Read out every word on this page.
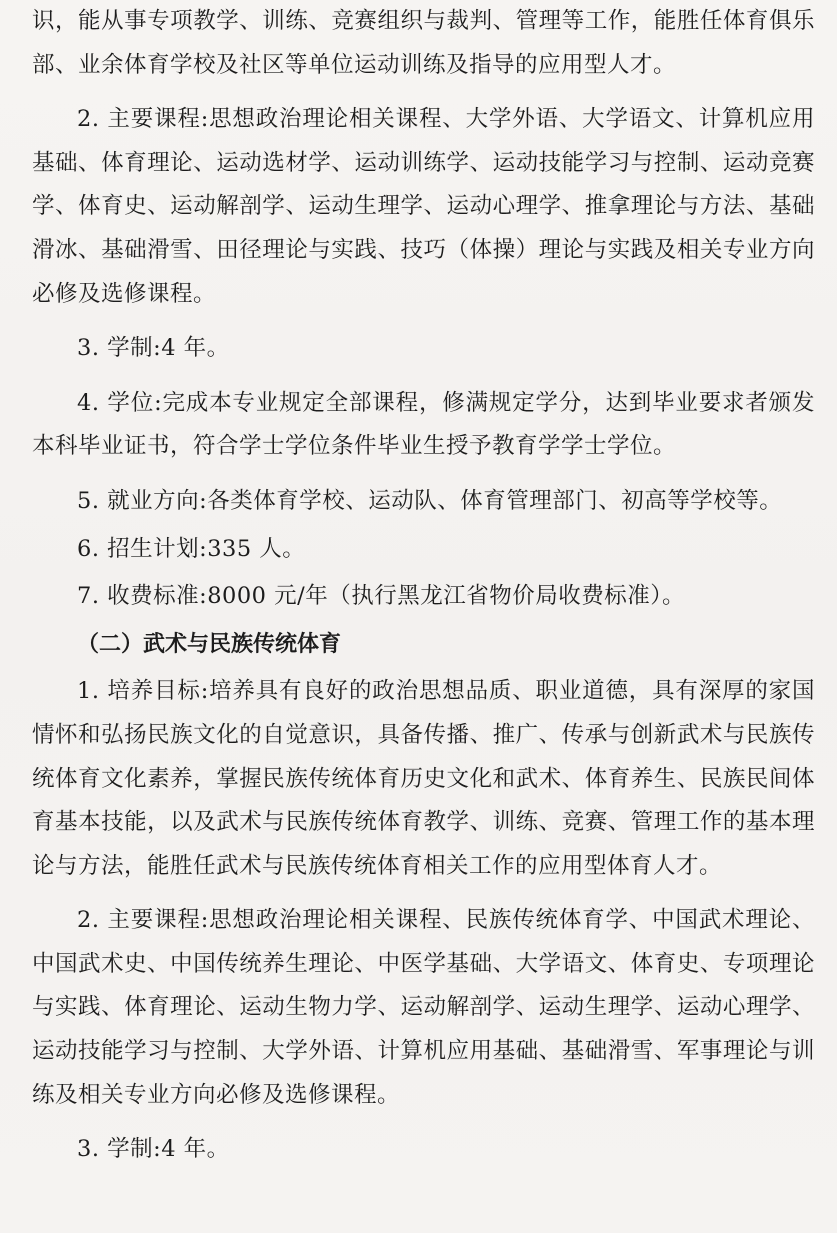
识，能从事专项教学、训练、竞赛组织与裁判、管理等工作，能胜任体育俱乐部、业余体育学校及社区等单位运动训练及指导的应用型人才。

2. 主要课程:思想政治理论相关课程、大学外语、大学语文、计算机应用基础、体育理论、运动选材学、运动训练学、运动技能学习与控制、运动竞赛学、体育史、运动解剖学、运动生理学、运动心理学、推拿理论与方法、基础滑冰、基础滑雪、田径理论与实践、技巧（体操）理论与实践及相关专业方向必修及选修课程。

3. 学制:4 年。

4. 学位:完成本专业规定全部课程，修满规定学分，达到毕业要求者颁发本科毕业证书，符合学士学位条件毕业生授予教育学学士学位。

5. 就业方向:各类体育学校、运动队、体育管理部门、初高等学校等。

6. 招生计划:335 人。

7. 收费标准:8000 元/年（执行黑龙江省物价局收费标准）。

（二）武术与民族传统体育

1. 培养目标:培养具有良好的政治思想品质、职业道德，具有深厚的家国情怀和弘扬民族文化的自觉意识，具备传播、推广、传承与创新武术与民族传统体育文化素养，掌握民族传统体育历史文化和武术、体育养生、民族民间体育基本技能，以及武术与民族传统体育教学、训练、竞赛、管理工作的基本理论与方法，能胜任武术与民族传统体育相关工作的应用型体育人才。

2. 主要课程:思想政治理论相关课程、民族传统体育学、中国武术理论、中国武术史、中国传统养生理论、中医学基础、大学语文、体育史、专项理论与实践、体育理论、运动生物力学、运动解剖学、运动生理学、运动心理学、运动技能学习与控制、大学外语、计算机应用基础、基础滑雪、军事理论与训练及相关专业方向必修及选修课程。

3. 学制:4 年。
